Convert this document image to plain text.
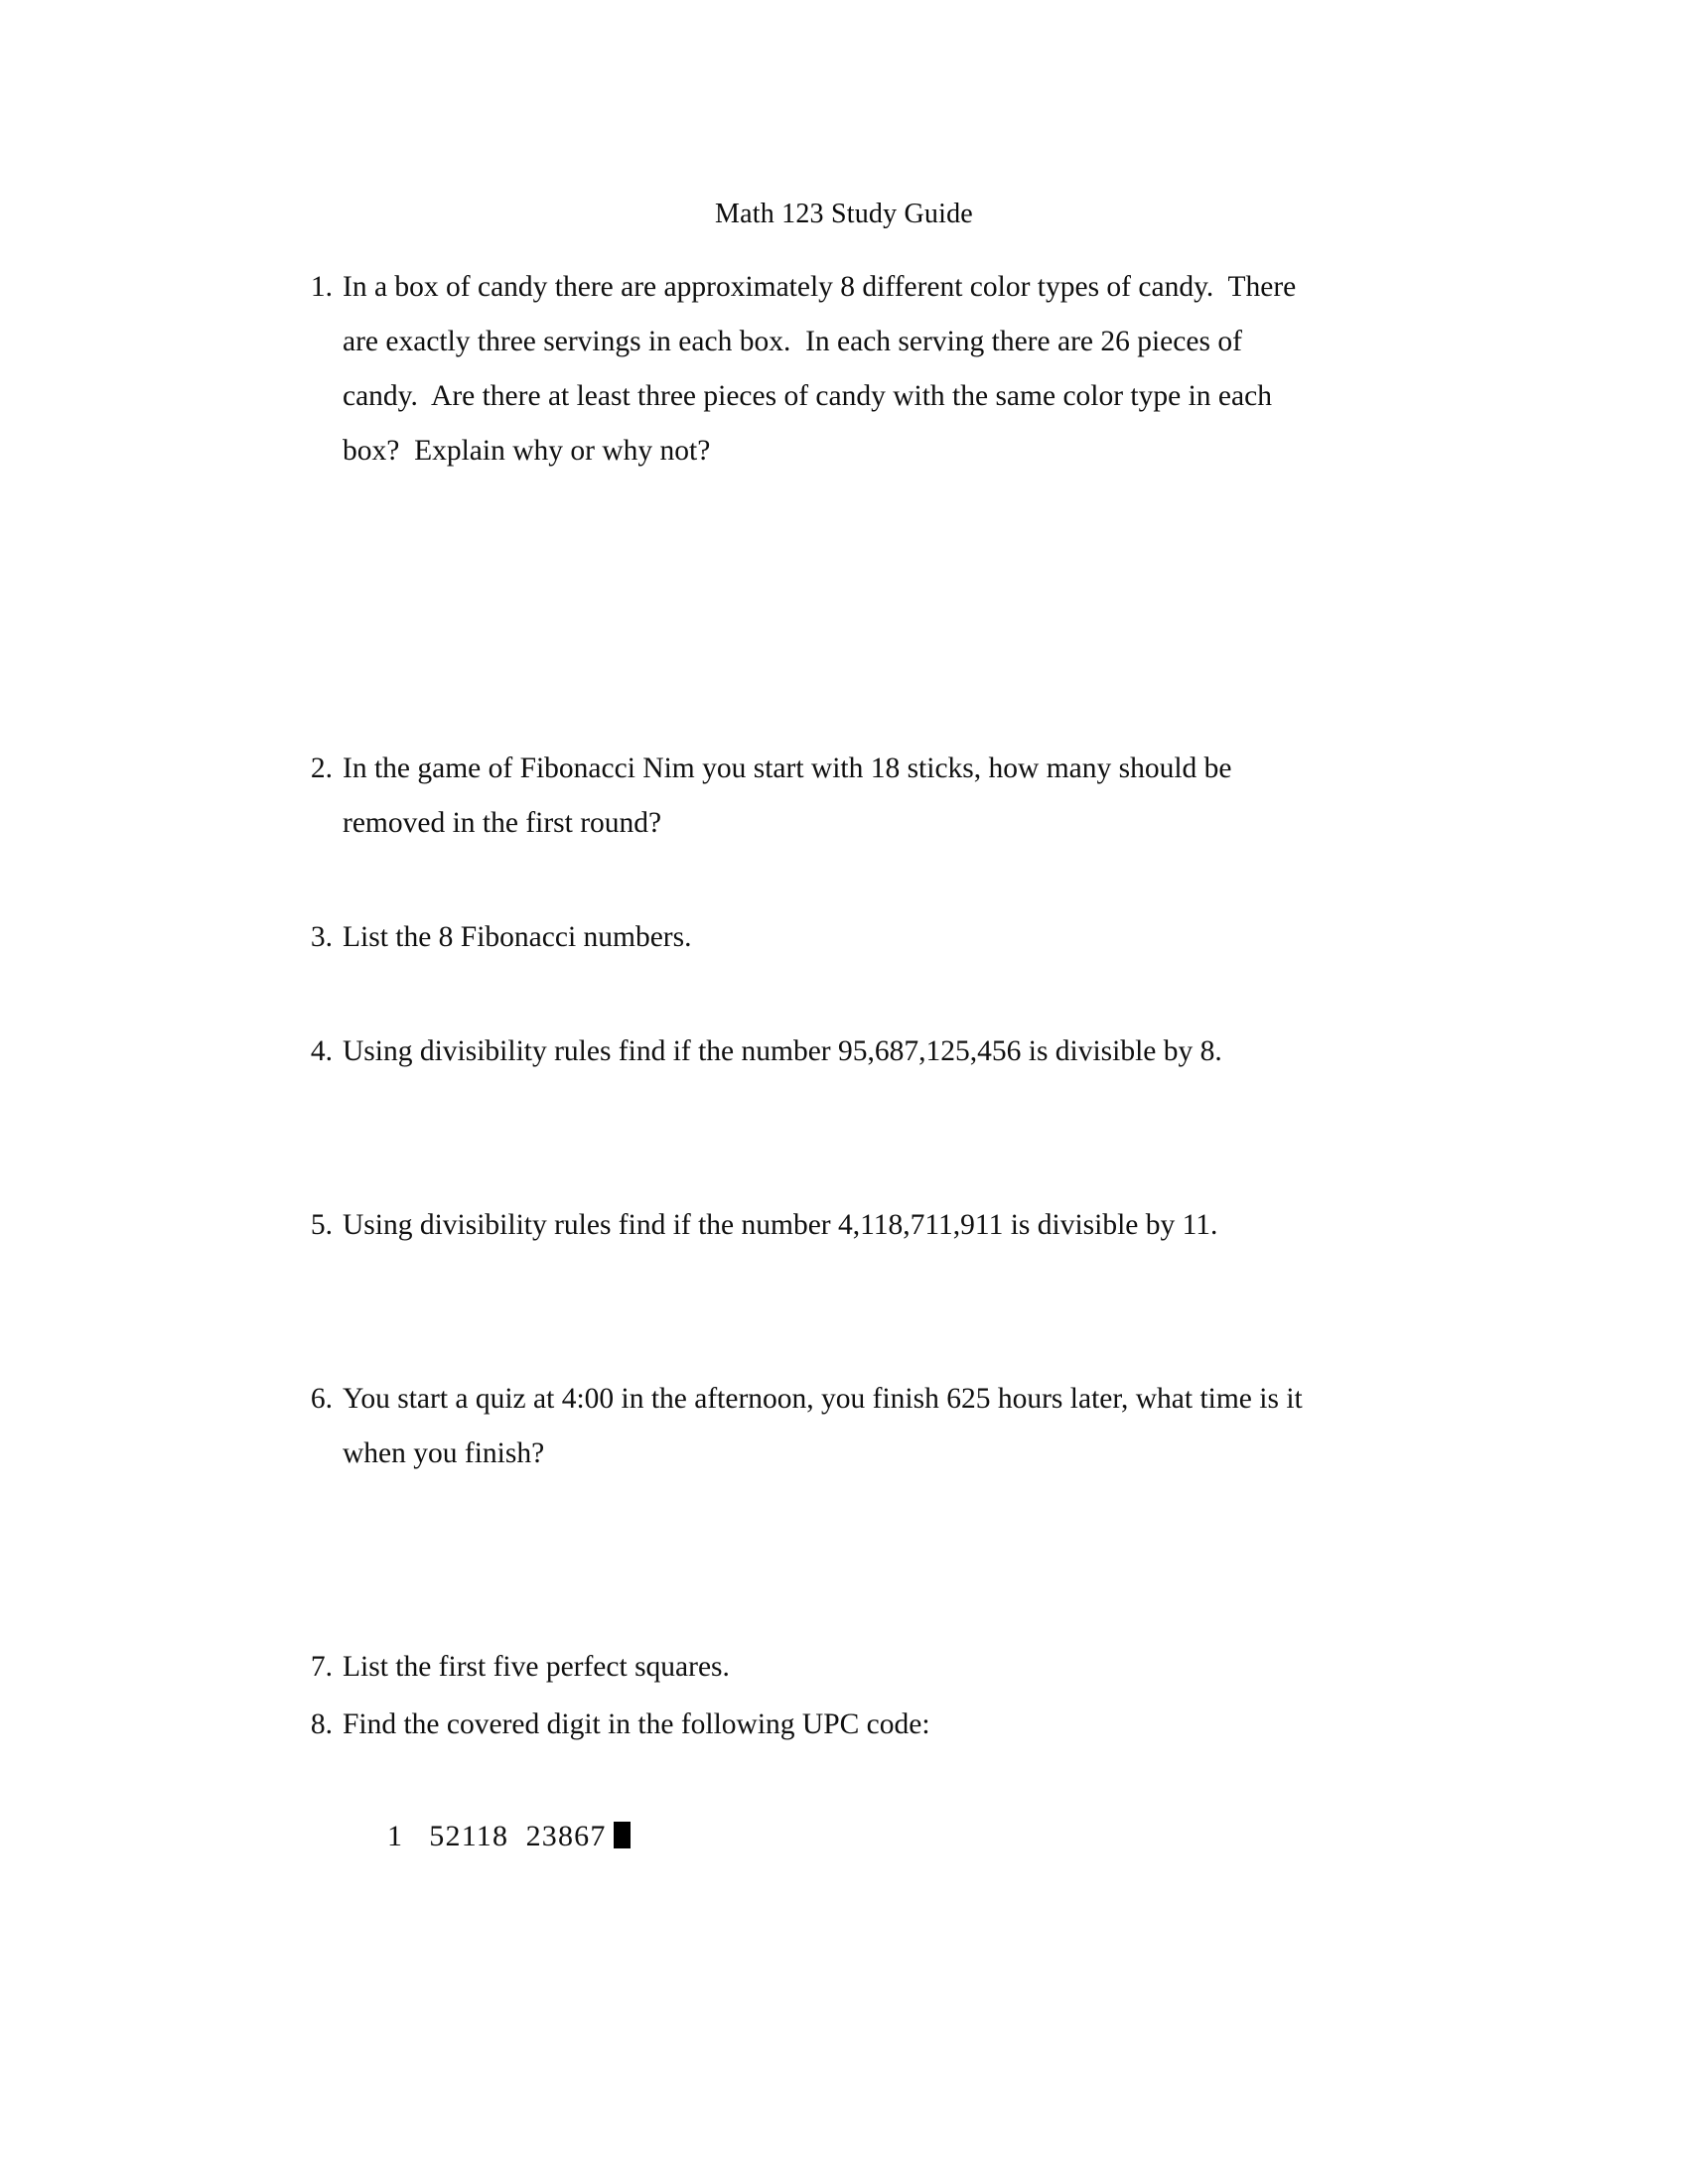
Math 123 Study Guide
1. In a box of candy there are approximately 8 different color types of candy.  There
are exactly three servings in each box.  In each serving there are 26 pieces of
candy.  Are there at least three pieces of candy with the same color type in each
box?  Explain why or why not?
2. In the game of Fibonacci Nim you start with 18 sticks, how many should be
removed in the first round?
3. List the 8 Fibonacci numbers.
4. Using divisibility rules find if the number 95,687,125,456 is divisible by 8.
5. Using divisibility rules find if the number 4,118,711,911 is divisible by 11.
6. You start a quiz at 4:00 in the afternoon, you finish 625 hours later, what time is it
when you finish?
7. List the first five perfect squares.
8. Find the covered digit in the following UPC code:

1   52118  23867
